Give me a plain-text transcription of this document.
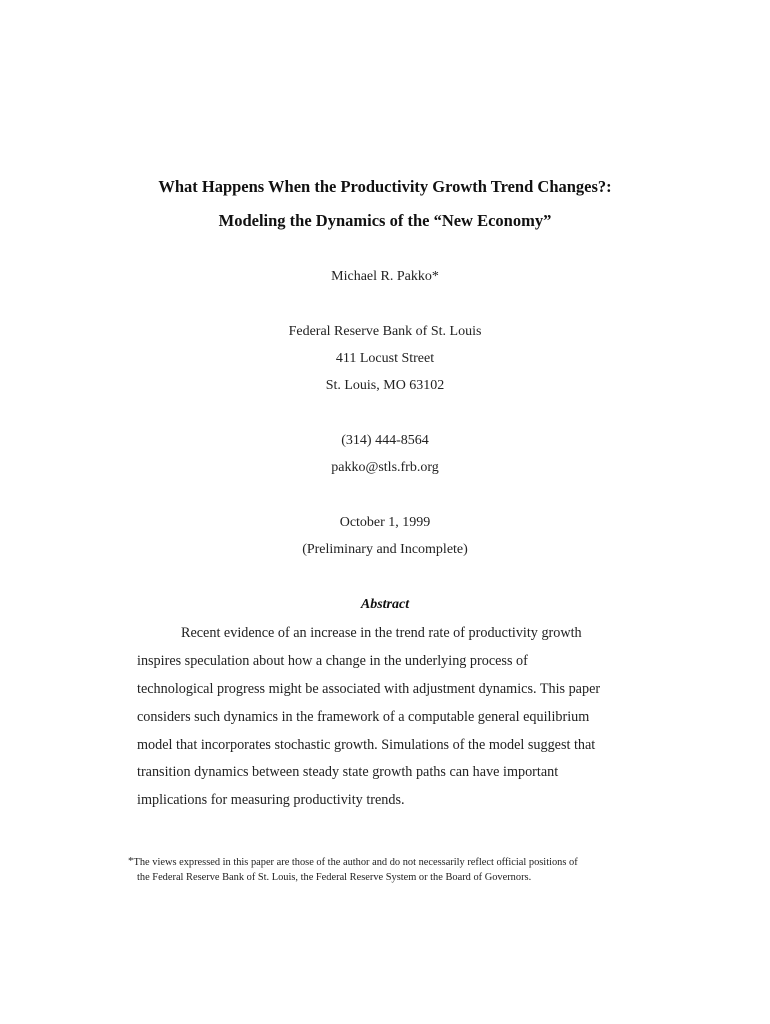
What Happens When the Productivity Growth Trend Changes?:
Modeling the Dynamics of the “New Economy”
Michael R. Pakko*
Federal Reserve Bank of St. Louis
411 Locust Street
St. Louis, MO 63102
(314) 444-8564
pakko@stls.frb.org
October 1, 1999
(Preliminary and Incomplete)
Abstract
Recent evidence of an increase in the trend rate of productivity growth
inspires speculation about how a change in the underlying process of
technological progress might be associated with adjustment dynamics. This paper
considers such dynamics in the framework of a computable general equilibrium
model that incorporates stochastic growth. Simulations of the model suggest that
transition dynamics between steady state growth paths can have important
implications for measuring productivity trends.
*The views expressed in this paper are those of the author and do not necessarily reflect official positions of
the Federal Reserve Bank of St. Louis, the Federal Reserve System or the Board of Governors.
